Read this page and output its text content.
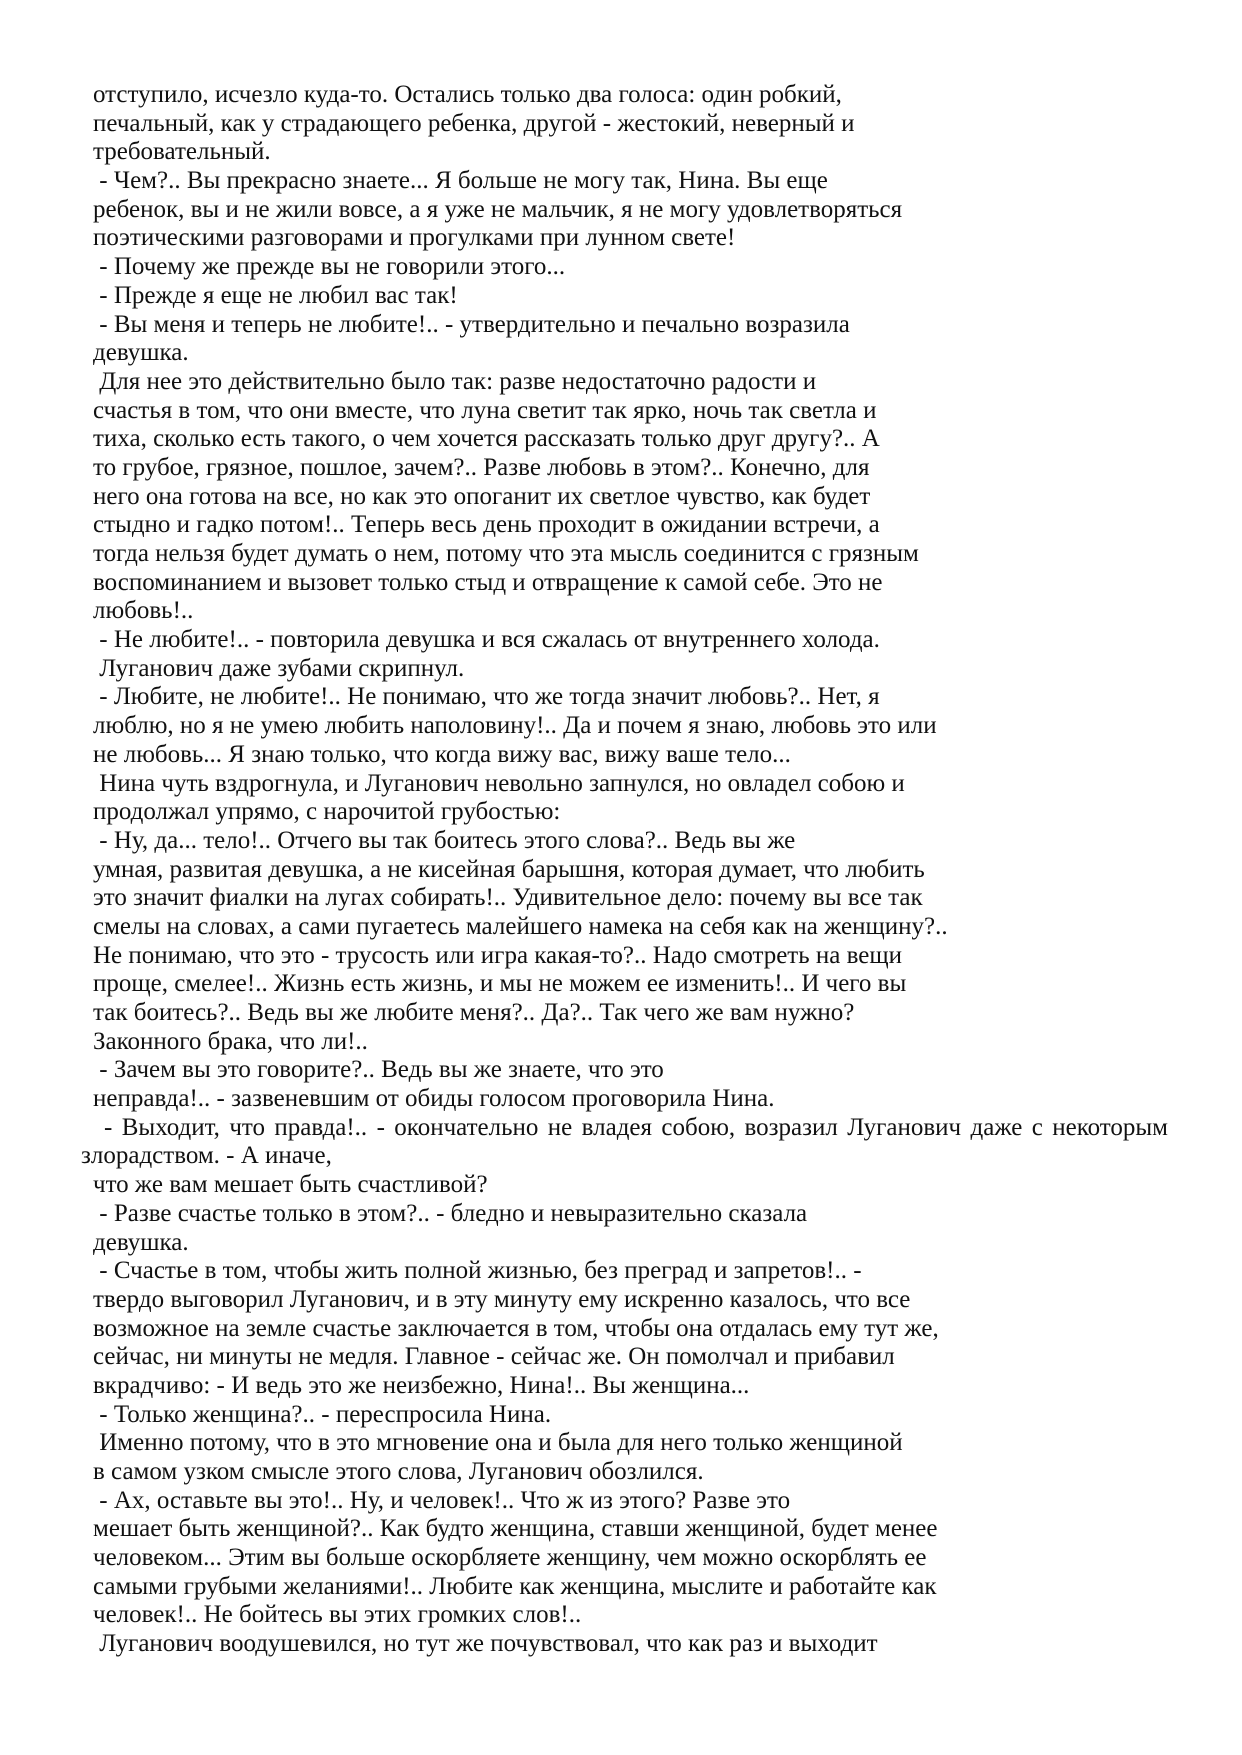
отступило, исчезло куда-то. Остались только два голоса: один робкий,
печальный, как у страдающего ребенка, другой - жестокий, неверный и
требовательный.
- Чем?.. Вы прекрасно знаете... Я больше не могу так, Нина. Вы еще
ребенок, вы и не жили вовсе, а я уже не мальчик, я не могу удовлетворяться
поэтическими разговорами и прогулками при лунном свете!
- Почему же прежде вы не говорили этого...
- Прежде я еще не любил вас так!
- Вы меня и теперь не любите!.. - утвердительно и печально возразила
девушка.
Для нее это действительно было так: разве недостаточно радости и
счастья в том, что они вместе, что луна светит так ярко, ночь так светла и
тиха, сколько есть такого, о чем хочется рассказать только друг другу?.. А
то грубое, грязное, пошлое, зачем?.. Разве любовь в этом?.. Конечно, для
него она готова на все, но как это опоганит их светлое чувство, как будет
стыдно и гадко потом!.. Теперь весь день проходит в ожидании встречи, а
тогда нельзя будет думать о нем, потому что эта мысль соединится с грязным
воспоминанием и вызовет только стыд и отвращение к самой себе. Это не
любовь!..
- Не любите!.. - повторила девушка и вся сжалась от внутреннего холода.
Луганович даже зубами скрипнул.
- Любите, не любите!.. Не понимаю, что же тогда значит любовь?.. Нет, я
люблю, но я не умею любить наполовину!.. Да и почем я знаю, любовь это или
не любовь... Я знаю только, что когда вижу вас, вижу ваше тело...
Нина чуть вздрогнула, и Луганович невольно запнулся, но овладел собою и
продолжал упрямо, с нарочитой грубостью:
- Ну, да... тело!.. Отчего вы так боитесь этого слова?.. Ведь вы же
умная, развитая девушка, а не кисейная барышня, которая думает, что любить
это значит фиалки на лугах собирать!.. Удивительное дело: почему вы все так
смелы на словах, а сами пугаетесь малейшего намека на себя как на женщину?..
Не понимаю, что это - трусость или игра какая-то?.. Надо смотреть на вещи
проще, смелее!.. Жизнь есть жизнь, и мы не можем ее изменить!.. И чего вы
так боитесь?.. Ведь вы же любите меня?.. Да?.. Так чего же вам нужно?
Законного брака, что ли!..
- Зачем вы это говорите?.. Ведь вы же знаете, что это
неправда!.. - зазвеневшим от обиды голосом проговорила Нина.
- Выходит, что правда!.. - окончательно не владея собою, возразил Луганович даже с некоторым
злорадством. - А иначе,
что же вам мешает быть счастливой?
- Разве счастье только в этом?.. - бледно и невыразительно сказала
девушка.
- Счастье в том, чтобы жить полной жизнью, без преград и запретов!.. -
твердо выговорил Луганович, и в эту минуту ему искренно казалось, что все
возможное на земле счастье заключается в том, чтобы она отдалась ему тут же,
сейчас, ни минуты не медля. Главное - сейчас же. Он помолчал и прибавил
вкрадчиво: - И ведь это же неизбежно, Нина!.. Вы женщина...
- Только женщина?.. - переспросила Нина.
Именно потому, что в это мгновение она и была для него только женщиной
в самом узком смысле этого слова, Луганович обозлился.
- Ах, оставьте вы это!.. Ну, и человек!.. Что ж из этого? Разве это
мешает быть женщиной?.. Как будто женщина, ставши женщиной, будет менее
человеком... Этим вы больше оскорбляете женщину, чем можно оскорблять ее
самыми грубыми желаниями!.. Любите как женщина, мыслите и работайте как
человек!.. Не бойтесь вы этих громких слов!..
Луганович воодушевился, но тут же почувствовал, что как раз и выходит
